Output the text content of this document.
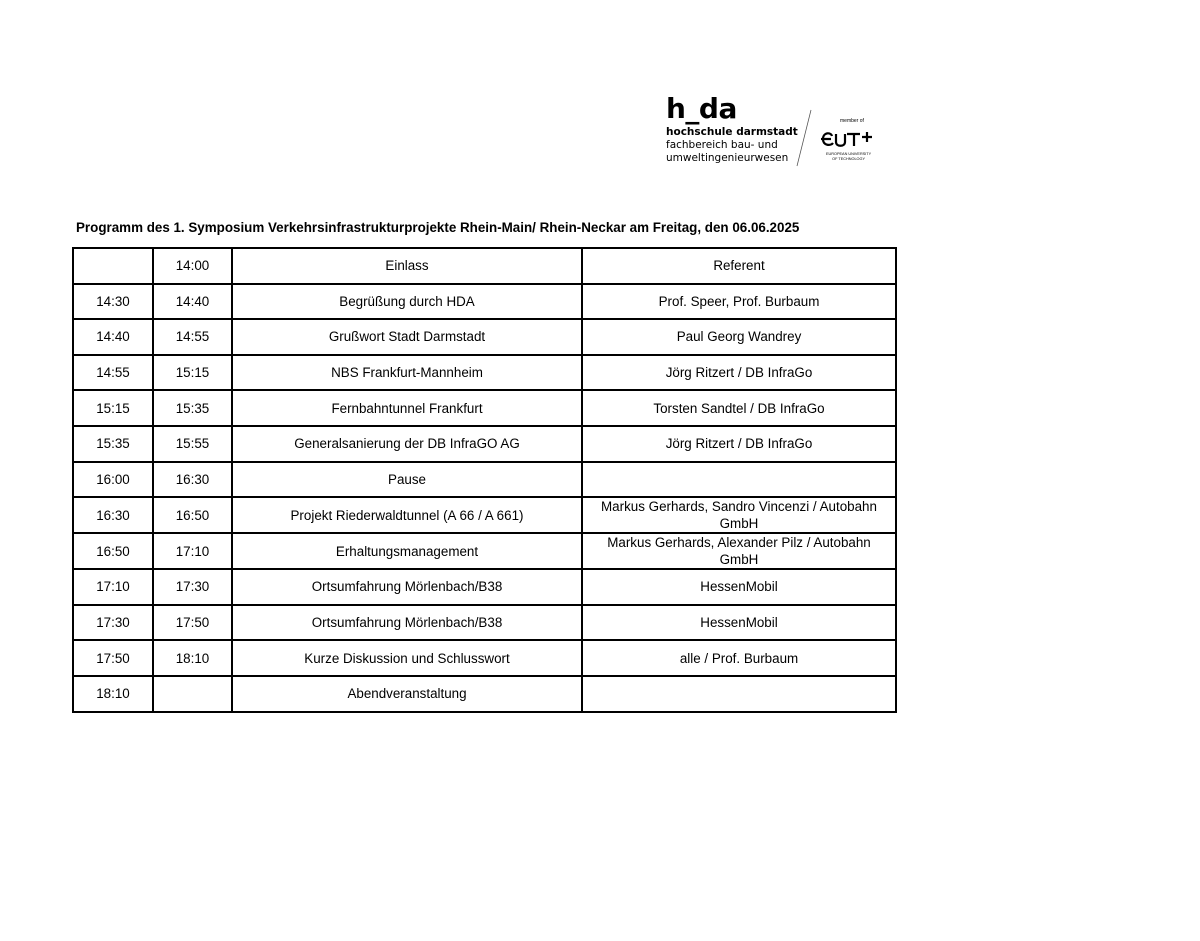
h_da
hochschule darmstadt
fachbereich bau- und
umweltingenieurwesen
member of
EUROPEAN UNIVERSITY
OF TECHNOLOGY
Programm des 1. Symposium Verkehrsinfrastrukturprojekte Rhein-Main/ Rhein-Neckar am Freitag, den 06.06.2025
	14:00	Einlass	Referent
14:30	14:40	Begrüßung durch HDA	Prof. Speer, Prof. Burbaum
14:40	14:55	Grußwort Stadt Darmstadt	Paul Georg Wandrey
14:55	15:15	NBS Frankfurt-Mannheim	Jörg Ritzert / DB InfraGo
15:15	15:35	Fernbahntunnel Frankfurt	Torsten Sandtel / DB InfraGo
15:35	15:55	Generalsanierung der DB InfraGO AG	Jörg Ritzert / DB InfraGo
16:00	16:30	Pause	
16:30	16:50	Projekt Riederwaldtunnel (A 66 / A 661)	Markus Gerhards, Sandro Vincenzi / Autobahn GmbH
16:50	17:10	Erhaltungsmanagement	Markus Gerhards, Alexander Pilz / Autobahn GmbH
17:10	17:30	Ortsumfahrung Mörlenbach/B38	HessenMobil
17:30	17:50	Ortsumfahrung Mörlenbach/B38	HessenMobil
17:50	18:10	Kurze Diskussion und Schlusswort	alle / Prof. Burbaum
18:10		Abendveranstaltung	
